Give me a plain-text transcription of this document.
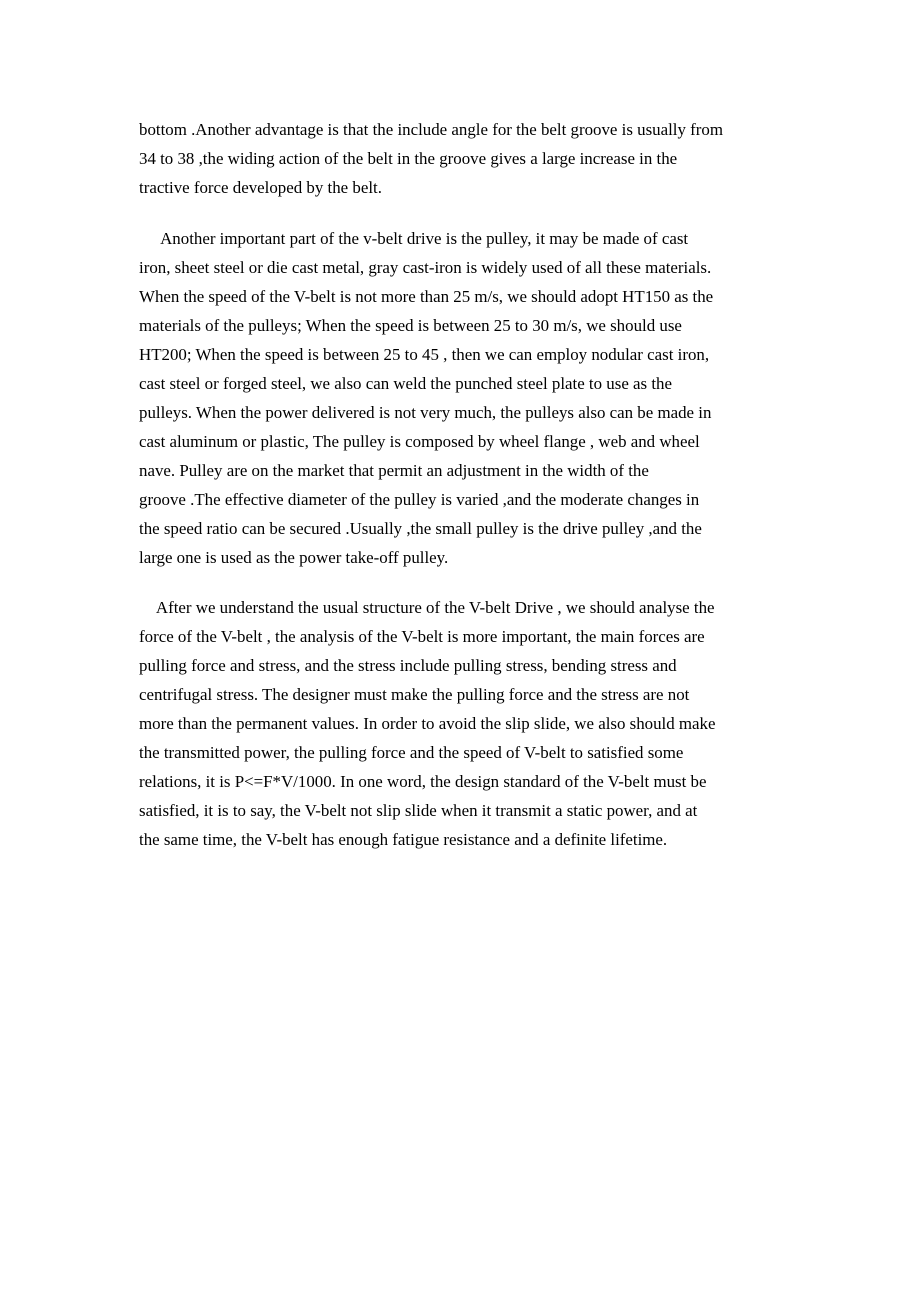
bottom .Another advantage is that the include angle for the belt groove is usually from
34 to 38 ,the widing action of the belt in the groove gives a large increase in the
tractive force developed by the belt.

Another important part of the v-belt drive is the pulley, it may be made of cast
iron, sheet steel or die cast metal, gray cast-iron is widely used of all these materials.
When the speed of the V-belt is not more than 25 m/s, we should adopt HT150 as the
materials of the pulleys; When the speed is between 25 to 30 m/s, we should use
HT200; When the speed is between 25 to 45 , then we can employ nodular cast iron,
cast steel or forged steel, we also can weld the punched steel plate to use as the
pulleys. When the power delivered is not very much, the pulleys also can be made in
cast aluminum or plastic, The pulley is composed by wheel flange , web and wheel
nave. Pulley are on the market that permit an adjustment in the width of the
groove .The effective diameter of the pulley is varied ,and the moderate changes in
the speed ratio can be secured .Usually ,the small pulley is the drive pulley ,and the
large one is used as the power take-off pulley.

After we understand the usual structure of the V-belt Drive , we should analyse the
force of the V-belt , the analysis of the V-belt is more important, the main forces are
pulling force and stress, and the stress include pulling stress, bending stress and
centrifugal stress. The designer must make the pulling force and the stress are not
more than the permanent values. In order to avoid the slip slide, we also should make
the transmitted power, the pulling force and the speed of V-belt to satisfied some
relations, it is P<=F*V/1000. In one word, the design standard of the V-belt must be
satisfied, it is to say, the V-belt not slip slide when it transmit a static power, and at
the same time, the V-belt has enough fatigue resistance and a definite lifetime.
